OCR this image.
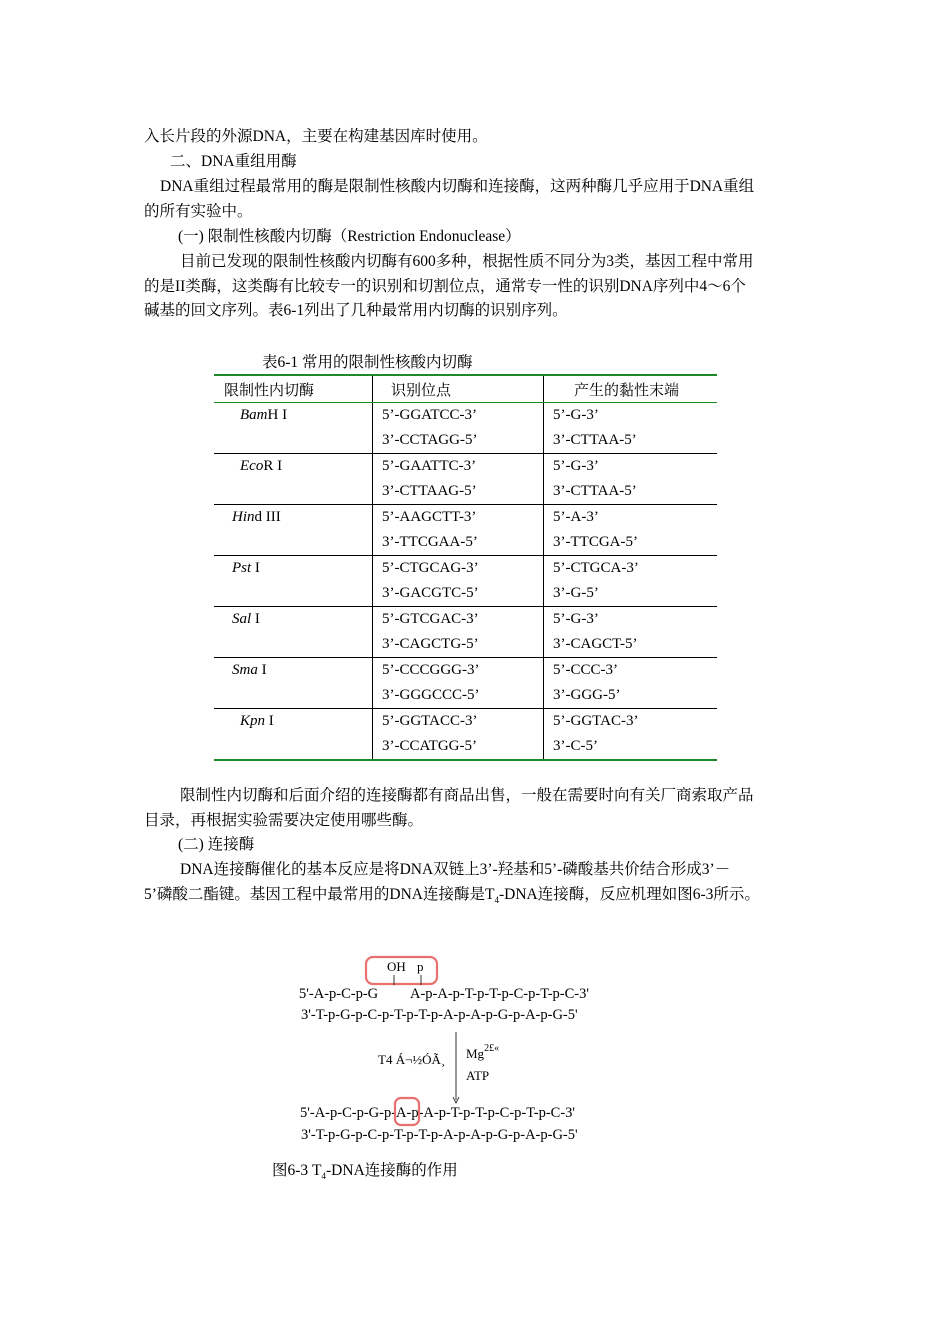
入长片段的外源DNA，主要在构建基因库时使用。
二、DNA重组用酶
DNA重组过程最常用的酶是限制性核酸内切酶和连接酶，这两种酶几乎应用于DNA重组
的所有实验中。
(一) 限制性核酸内切酶（Restriction Endonuclease）
目前已发现的限制性核酸内切酶有600多种，根据性质不同分为3类，基因工程中常用
的是II类酶，这类酶有比较专一的识别和切割位点，通常专一性的识别DNA序列中4～6个
碱基的回文序列。表6-1列出了几种最常用内切酶的识别序列。
表6-1 常用的限制性核酸内切酶
限制性内切酶	识别位点	产生的黏性末端
BamH I	5’-GGATCC-3’	5’-G-3’
	3’-CCTAGG-5’	3’-CTTAA-5’
EcoR I	5’-GAATTC-3’	5’-G-3’
	3’-CTTAAG-5’	3’-CTTAA-5’
Hind III	5’-AAGCTT-3’	5’-A-3’
	3’-TTCGAA-5’	3’-TTCGA-5’
Pst I	5’-CTGCAG-3’	5’-CTGCA-3’
	3’-GACGTC-5’	3’-G-5’
Sal I	5’-GTCGAC-3’	5’-G-3’
	3’-CAGCTG-5’	3’-CAGCT-5’
Sma I	5’-CCCGGG-3’	5’-CCC-3’
	3’-GGGCCC-5’	3’-GGG-5’
Kpn I	5’-GGTACC-3’	5’-GGTAC-3’
	3’-CCATGG-5’	3’-C-5’
限制性内切酶和后面介绍的连接酶都有商品出售，一般在需要时向有关厂商索取产品
目录，再根据实验需要决定使用哪些酶。
(二) 连接酶
DNA连接酶催化的基本反应是将DNA双链上3’-羟基和5’-磷酸基共价结合形成3’－
5’磷酸二酯键。基因工程中最常用的DNA连接酶是$T_4$-DNA连接酶，反应机理如图6-3所示。
OH p
5'-A-p-C-p-G A-p-A-p-T-p-T-p-C-p-T-p-C-3'
3'-T-p-G-p-C-p-T-p-T-p-A-p-A-p-G-p-A-p-G-5'
T4 Á¬½ÓÃ¸ $Mg^{2£«}$
ATP
5'-A-p-C-p-G-p-A-p-A-p-T-p-T-p-C-p-T-p-C-3'
3'-T-p-G-p-C-p-T-p-T-p-A-p-A-p-G-p-A-p-G-5'
图6-3 $T_4$-DNA连接酶的作用
